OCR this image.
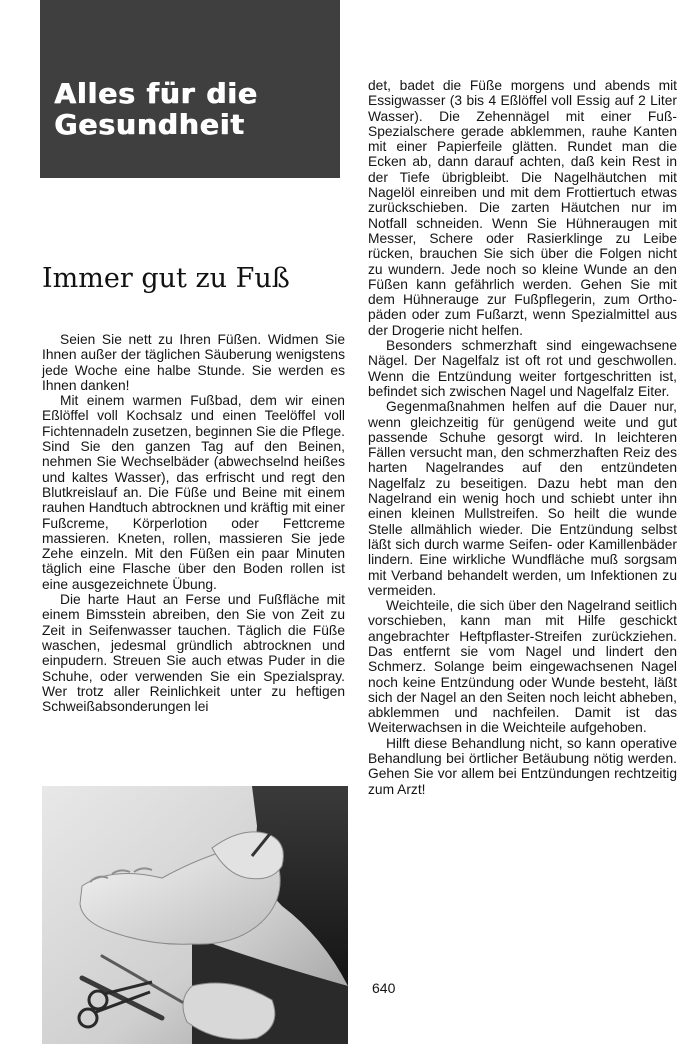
Alles für die
Gesundheit
Immer gut zu Fuß

Seien Sie nett zu Ihren Füßen. Widmen Sie Ihnen außer der täglichen Säuberung wenigstens jede Woche eine halbe Stunde. Sie werden es Ihnen danken!

Mit einem warmen Fußbad, dem wir einen Eßlöffel voll Kochsalz und einen Teelöffel voll Fichtennadeln zusetzen, beginnen Sie die Pflege. Sind Sie den ganzen Tag auf den Beinen, nehmen Sie Wechselbäder (abwechselnd heißes und kaltes Wasser), das erfrischt und regt den Blutkreislauf an. Die Füße und Beine mit einem rauhen Handtuch abtrocknen und kräftig mit einer Fußcreme, Körperlotion oder Fettcreme massieren. Kneten, rollen, massieren Sie jede Zehe einzeln. Mit den Füßen ein paar Minuten täglich eine Flasche über den Boden rollen ist eine ausgezeichnete Übung.

Die harte Haut an Ferse und Fußfläche mit einem Bimsstein abreiben, den Sie von Zeit zu Zeit in Seifenwasser tauchen. Täglich die Füße waschen, jedesmal gründlich abtrocknen und einpudern. Streuen Sie auch etwas Puder in die Schuhe, oder verwenden Sie ein Spezialspray. Wer trotz aller Reinlichkeit unter zu heftigen Schweißabsonderungen lei

det, badet die Füße morgens und abends mit Essigwasser (3 bis 4 Eßlöffel voll Essig auf 2 Liter Wasser). Die Zehennägel mit einer Fuß-Spezialschere gerade abklemmen, rauhe Kanten mit einer Papierfeile glätten. Rundet man die Ecken ab, dann darauf achten, daß kein Rest in der Tiefe übrigbleibt. Die Nagelhäutchen mit Nagelöl einreiben und mit dem Frottiertuch etwas zurückschieben. Die zarten Häutchen nur im Notfall schneiden. Wenn Sie Hühneraugen mit Messer, Schere oder Rasierklinge zu Leibe rücken, brauchen Sie sich über die Folgen nicht zu wundern. Jede noch so kleine Wunde an den Füßen kann gefährlich werden. Gehen Sie mit dem Hühneraugе zur Fußpflegerin, zum Orthopäden oder zum Fußarzt, wenn Spezialmittel aus der Drogerie nicht helfen.

Besonders schmerzhaft sind eingewachsene Nägel. Der Nagelfalz ist oft rot und geschwollen. Wenn die Entzündung weiter fortgeschritten ist, befindet sich zwischen Nagel und Nagelfalz Eiter.

Gegenmaßnahmen helfen auf die Dauer nur, wenn gleichzeitig für genügend weite und gut passende Schuhe gesorgt wird. In leichteren Fällen versucht man, den schmerzhaften Reiz des harten Nagelrandes auf den entzündeten Nagelfalz zu beseitigen. Dazu hebt man den Nagelrand ein wenig hoch und schiebt unter ihn einen kleinen Mullstreifen. So heilt die wunde Stelle allmählich wieder. Die Entzündung selbst läßt sich durch warme Seifen- oder Kamillenbäder lindern. Eine wirkliche Wundfläche muß sorgsam mit Verband behandelt werden, um Infektionen zu vermeiden.

Weichteile, die sich über den Nagelrand seitlich vorschieben, kann man mit Hilfe geschickt angebrachter Heftpflaster-Streifen zurückziehen. Das entfernt sie vom Nagel und lindert den Schmerz. Solange beim eingewachsenen Nagel noch keine Entzündung oder Wunde besteht, läßt sich der Nagel an den Seiten noch leicht abheben, abklemmen und nachfeilen. Damit ist das Weiterwachsen in die Weichteile aufgehoben.

Hilft diese Behandlung nicht, so kann operative Behandlung bei örtlicher Betäubung nötig werden. Gehen Sie vor allem bei Entzündungen rechtzeitig zum Arzt!

640
